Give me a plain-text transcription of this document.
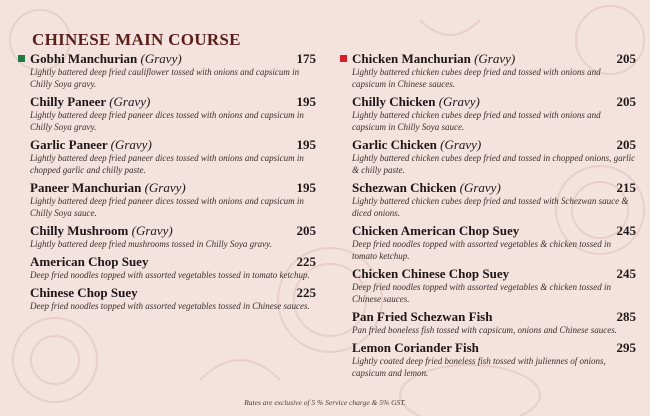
CHINESE MAIN COURSE
Gobhi Manchurian (Gravy)	175
Lightly battered deep fried cauliflower tossed with onions and capsicum in Chilly Soya gravy.
Chilly Paneer (Gravy)	195
Lightly battered deep fried paneer dices tossed with onions and capsicum in Chilly Soya gravy.
Garlic Paneer (Gravy)	195
Lightly battered deep fried paneer dices tossed with onions and capsicum in chopped garlic and chilly paste.
Paneer Manchurian (Gravy)	195
Lightly battered deep fried paneer dices tossed with onions and capsicum in Chilly Soya sauce.
Chilly Mushroom (Gravy)	205
Lightly battered deep fried mushrooms tossed in Chilly Soya gravy.
American Chop Suey	225
Deep fried noodles topped with assorted vegetables tossed in tomato ketchup.
Chinese Chop Suey	225
Deep fried noodles topped with assorted vegetables tossed in Chinese sauces.
Chicken Manchurian (Gravy)	205
Lightly battered chicken cubes deep fried and tossed with onions and capsicum in Chinese sauces.
Chilly Chicken (Gravy)	205
Lightly battered chicken cubes deep fried and tossed with onions and capsicum in Chilly Soya sauce.
Garlic Chicken (Gravy)	205
Lightly battered chicken cubes deep fried and tossed in chopped onions, garlic & chilly paste.
Schezwan Chicken (Gravy)	215
Lightly battered chicken cubes deep fried and tossed with Schezwan sauce & diced onions.
Chicken American Chop Suey	245
Deep fried noodles topped with assorted vegetables & chicken tossed in tomato ketchup.
Chicken Chinese Chop Suey	245
Deep fried noodles topped with assorted vegetables & chicken tossed in Chinese sauces.
Pan Fried Schezwan Fish	285
Pan fried boneless fish tossed with capsicum, onions and Chinese sauces.
Lemon Coriander Fish	295
Lightly coated deep fried boneless fish tossed with juliennes of onions, capsicum and lemon.
Rates are exclusive of 5 % Service charge & 5% GST.
